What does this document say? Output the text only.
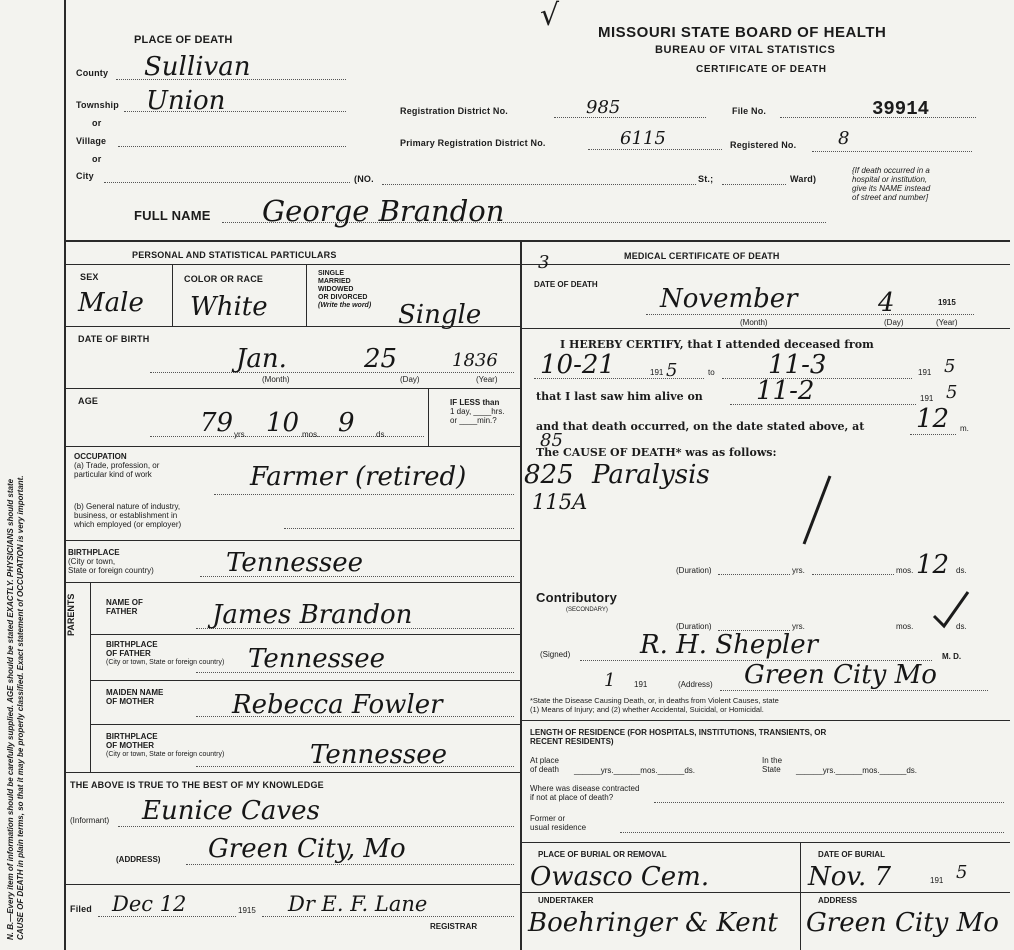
N. B.—Every item of information should be carefully supplied. AGE should be stated EXACTLY. PHYSICIANS should state CAUSE OF DEATH in plain terms, so that it may be properly classified. Exact statement of OCCUPATION is very important.
√	MISSOURI STATE BOARD OF HEALTH
BUREAU OF VITAL STATISTICS
CERTIFICATE OF DEATH
PLACE OF DEATH
County Sullivan
Township Union
or
Village
or
City	(NO.	St.;	Ward)
{If death occurred in a
hospital or institution,
give its NAME instead
of street and number]
Registration District No.	985	File No.	39914
Primary Registration District No.	6115	Registered No. 8
FULL NAME George Brandon
PERSONAL AND STATISTICAL PARTICULARS	MEDICAL CERTIFICATE OF DEATH
SEX
Male
COLOR OR RACE
White
SINGLE
MARRIED
WIDOWED
OR DIVORCED
(Write the word) Single
DATE OF BIRTH
Jan.	25	1836
(Month)	(Day)	(Year)
AGE
79 yrs. 10 mos. 9	ds.
IF LESS than
1 day, ____hrs.
or ____min.?
OCCUPATION
(a) Trade, profession, or
particular kind of work	Farmer (retired)
(b) General nature of industry,
business, or establishment in
which employed (or employer)
BIRTHPLACE
(City or town,
State or foreign country)	Tennessee
PARENTS	NAME OF
FATHER	James Brandon
BIRTHPLACE
OF FATHER
(City or town, State or foreign country) Tennessee
MAIDEN NAME
OF MOTHER	Rebecca Fowler
BIRTHPLACE
OF MOTHER
(City or town, State or foreign country)	Tennessee
THE ABOVE IS TRUE TO THE BEST OF MY KNOWLEDGE
(Informant) Eunice Caves
(ADDRESS) Green City, Mo
Filed Dec 12	1915 Dr E. F. Lane
REGISTRAR
3
DATE OF DEATH November	4	1915
(Month)	(Day)	(Year)
I HEREBY CERTIFY, that I attended deceased from
10-21	191 5	to 11-3	191 5
that I last saw him alive on 11-2	191 5
and that death occurred, on the date stated above, at 12 m.
85
The CAUSE OF DEATH* was as follows:
825 Paralysis
115A
(Duration)	yrs.	mos. 12 ds.
Contributory
(SECONDARY)
(Duration)	yrs.	mos.	ds.
(Signed)	R. H. Shepler	M. D.
1 191	(Address) Green City Mo
*State the Disease Causing Death, or, in deaths from Violent Causes, state
(1) Means of Injury; and (2) whether Accidental, Suicidal, or Homicidal.
LENGTH OF RESIDENCE (FOR HOSPITALS, INSTITUTIONS, TRANSIENTS, OR
RECENT RESIDENTS)
At place
of death ______yrs.______mos.______ds.
In the
State ______yrs.______mos.______ds.
Where was disease contracted
if not at place of death?
Former or
usual residence
PLACE OF BURIAL OR REMOVAL
Owasco Cem.
DATE OF BURIAL
Nov. 7	191 5
UNDERTAKER
Boehringer & Kent
ADDRESS
Green City Mo
